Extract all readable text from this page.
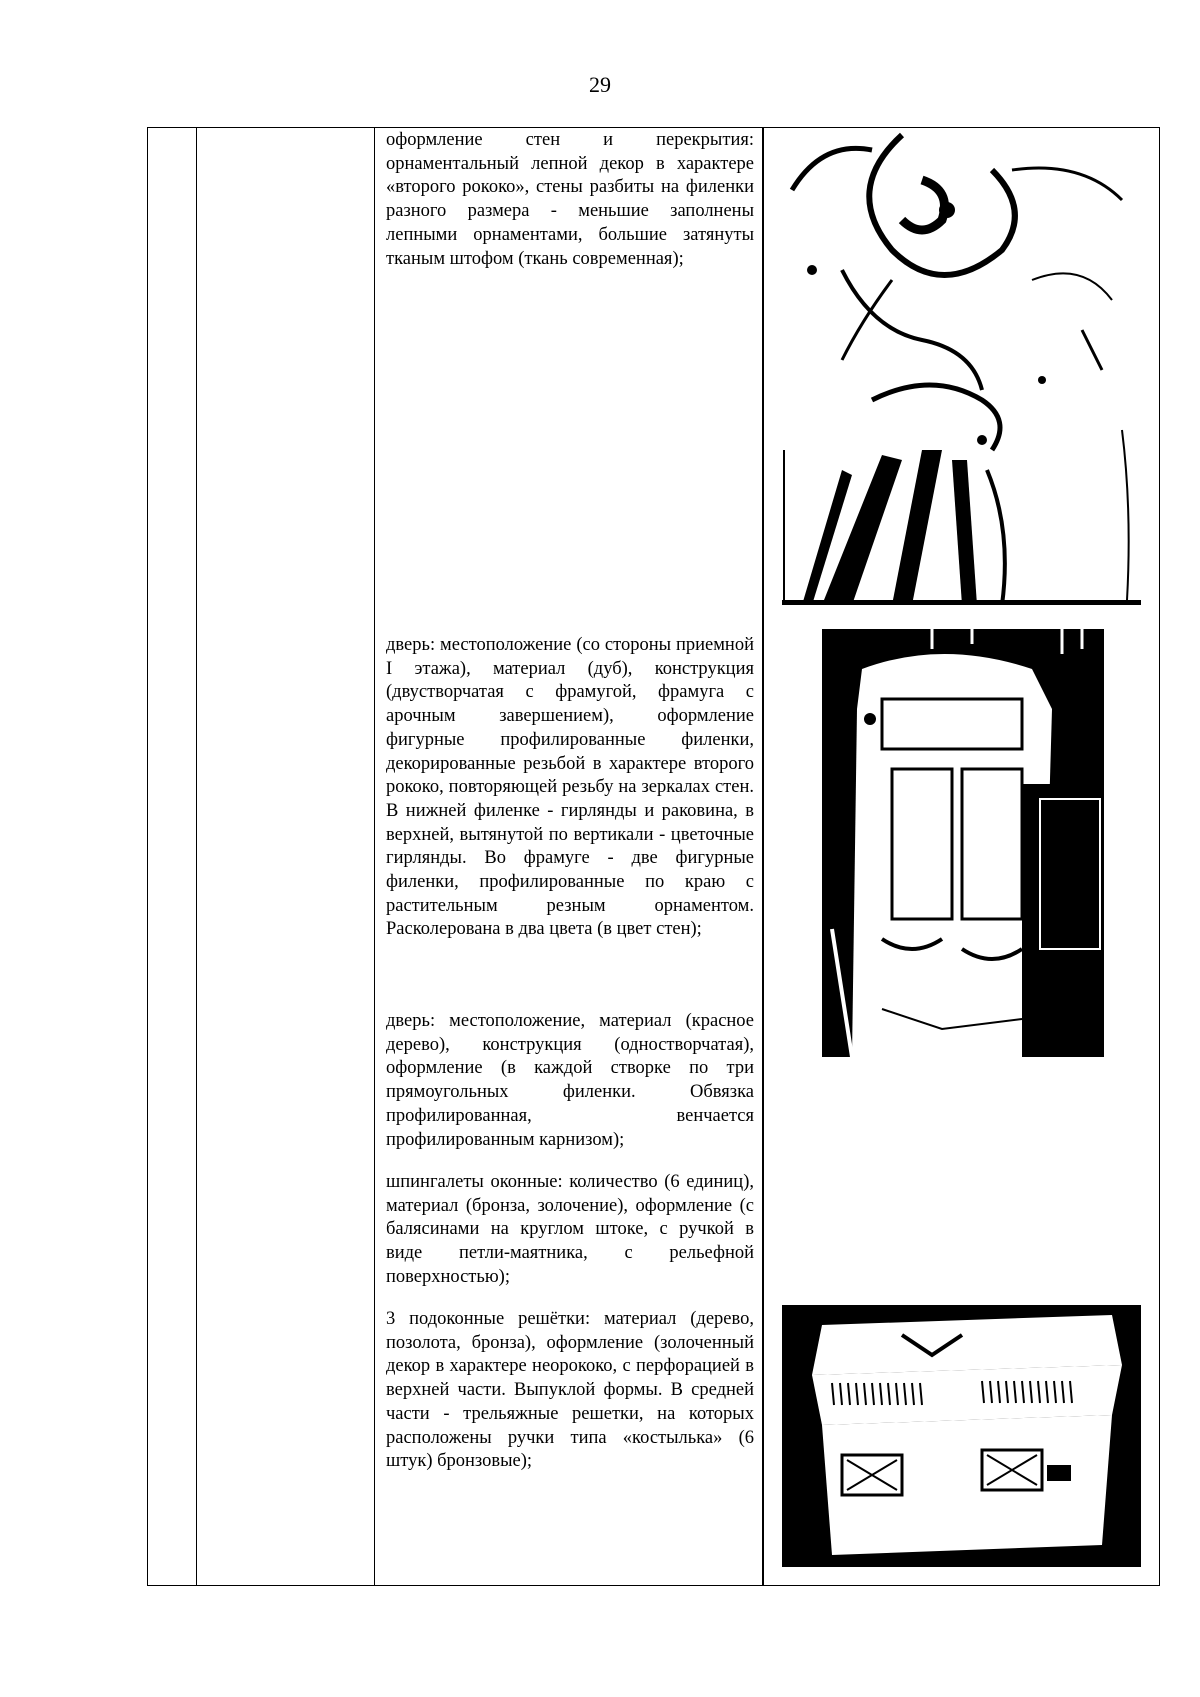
29
оформление стен и перекрытия: орнаментальный лепной декор в характере «второго рококо», стены разбиты на филенки разного размера - меньшие заполнены лепными орнаментами, большие затянуты тканым штофом (ткань современная);
дверь: местоположение (со стороны приемной I этажа), материал (дуб), конструкция (двустворчатая с фрамугой, фрамуга с арочным завершением), оформление фигурные профилированные филенки, декорированные резьбой в характере второго рококо, повторяющей резьбу на зеркалах стен. В нижней филенке - гирлянды и раковина, в верхней, вытянутой по вертикали - цветочные гирлянды. Во фрамуге - две фигурные филенки, профилированные по краю с растительным резным орнаментом. Расколерована в два цвета (в цвет стен);
дверь: местоположение, материал (красное дерево), конструкция (одностворчатая), оформление (в каждой створке по три прямоугольных филенки. Обвязка профилированная, венчается профилированным карнизом);
шпингалеты оконные: количество (6 единиц), материал (бронза, золочение), оформление (с балясинами на круглом штоке, с ручкой в виде петли-маятника, с рельефной поверхностью);
3 подоконные решётки: материал (дерево, позолота, бронза), оформление (золоченный декор в характере неорококо, с перфорацией в верхней части. Выпуклой формы. В средней части - трельяжные решетки, на которых расположены ручки типа «костылька» (6 штук) бронзовые);
